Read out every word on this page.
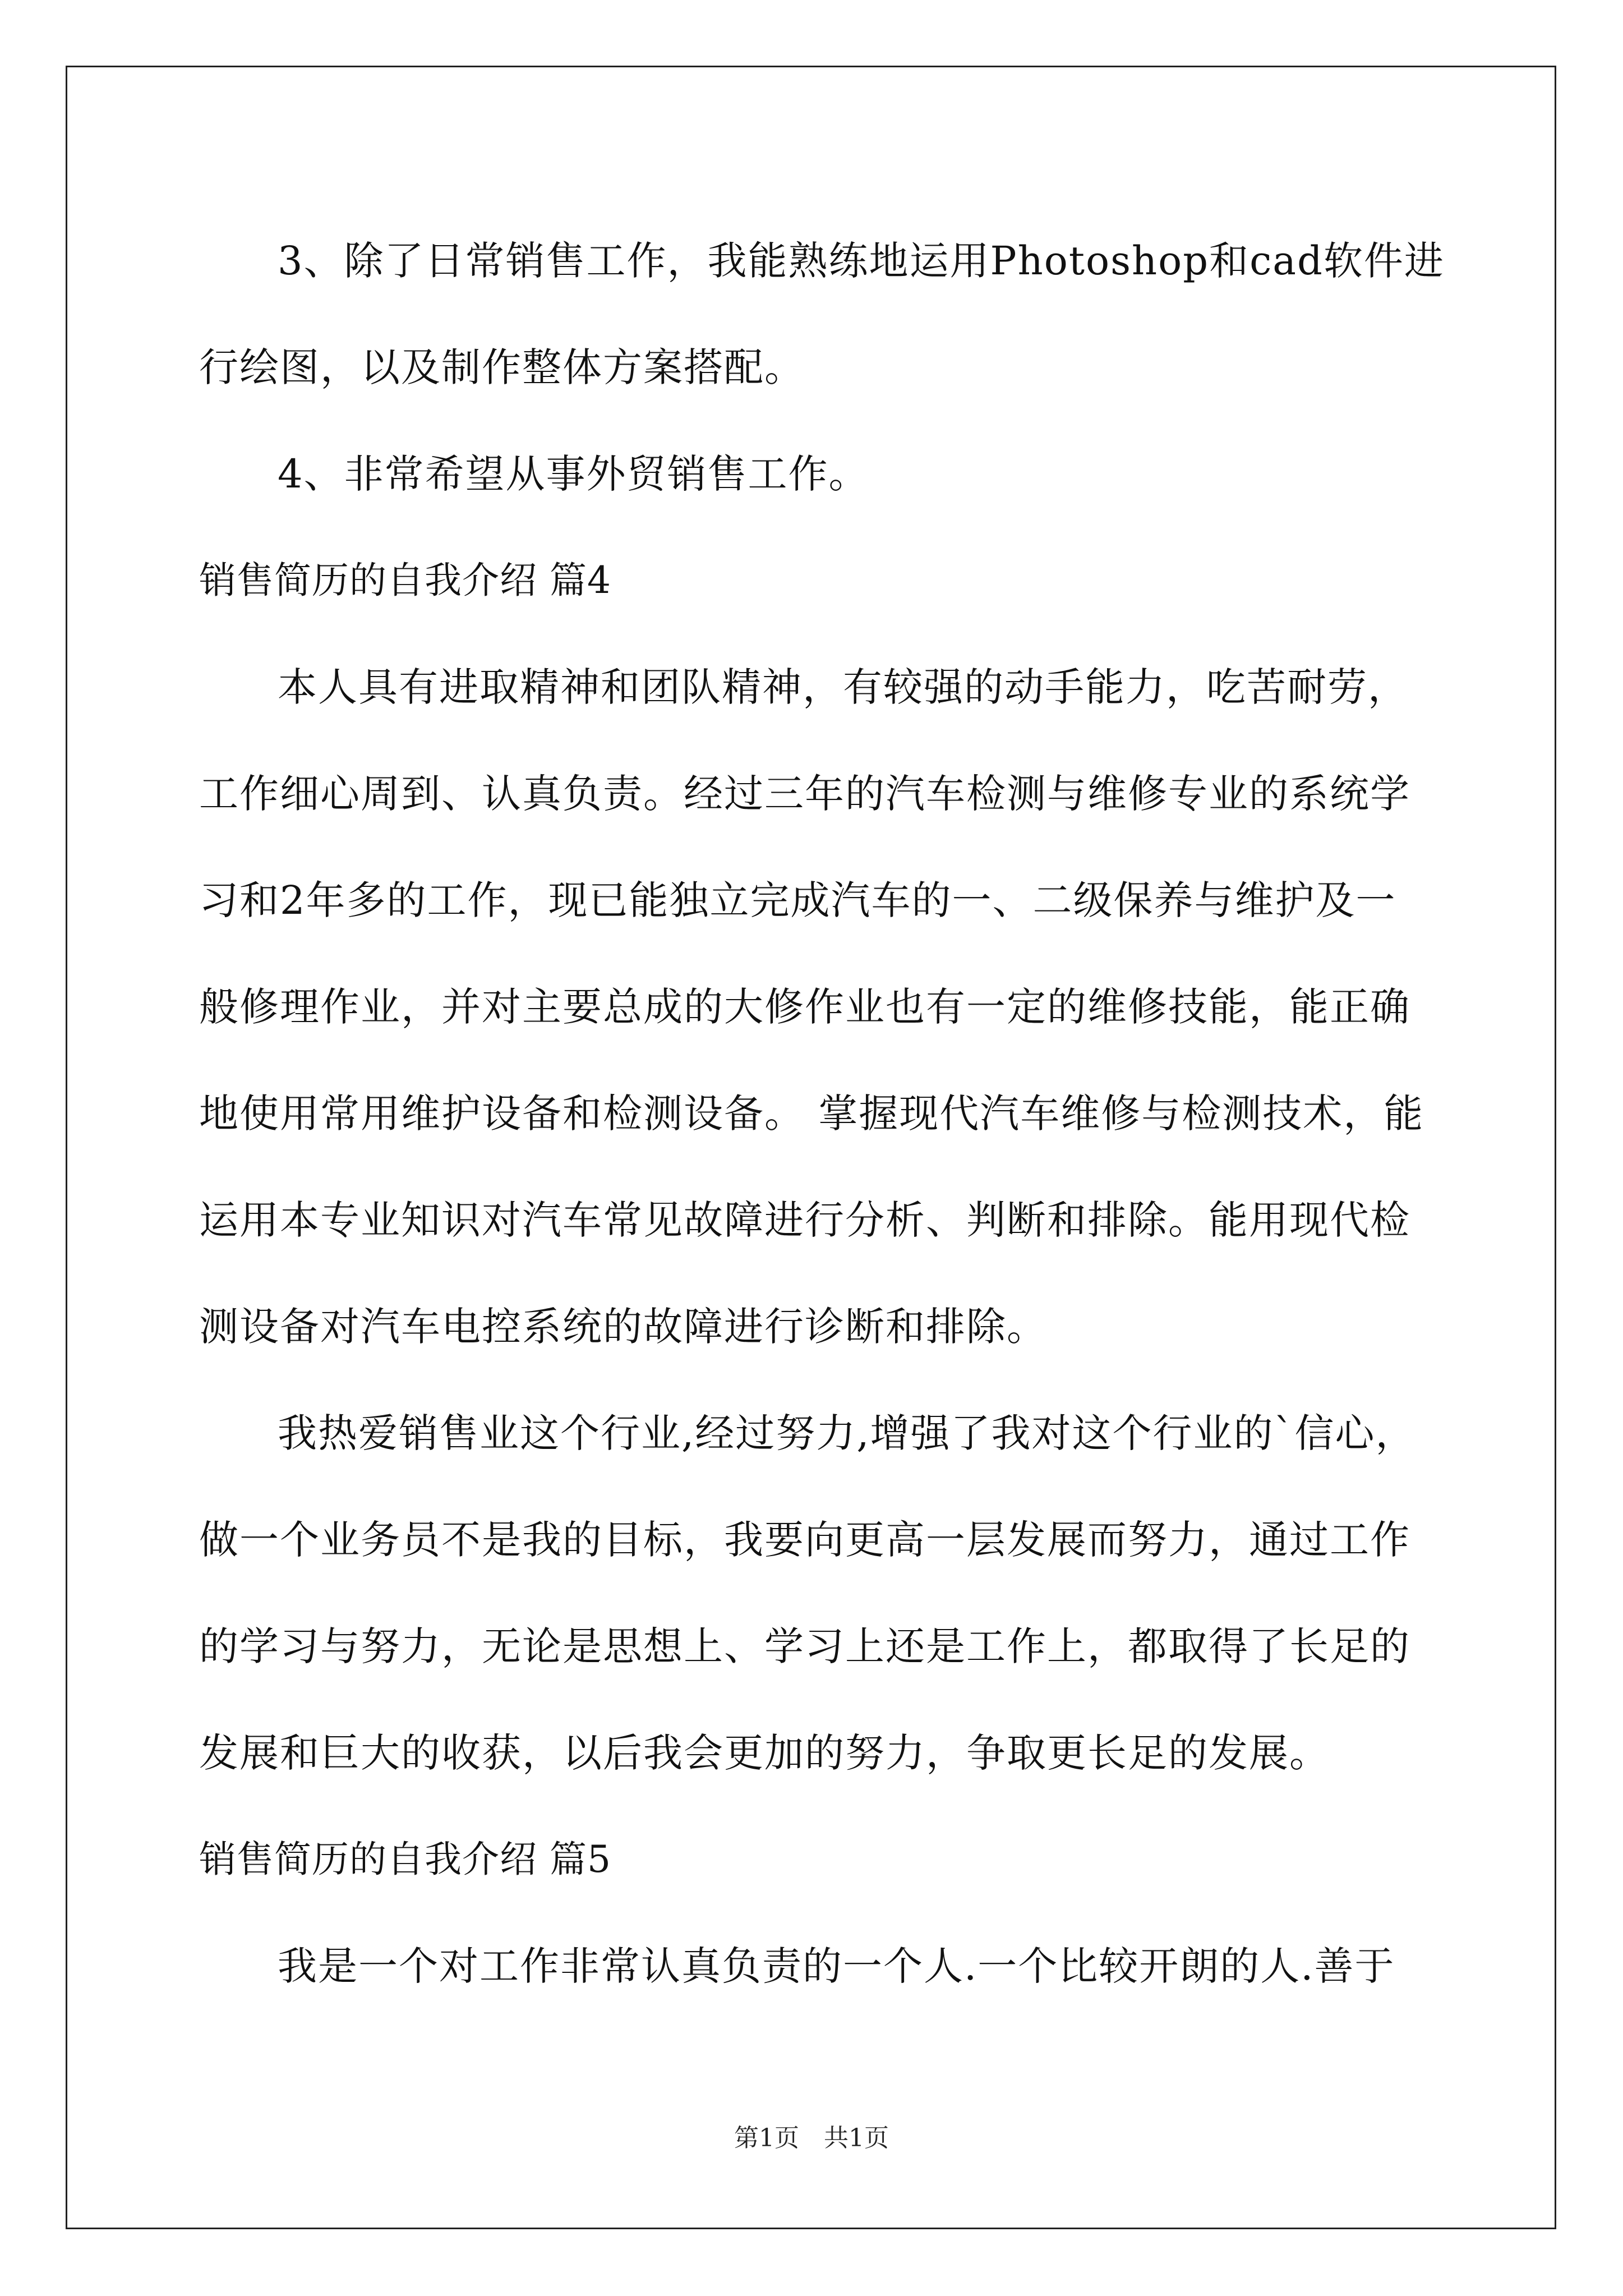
3、除了日常销售工作，我能熟练地运用Photoshop和cad软件进

行绘图，以及制作整体方案搭配。

4、非常希望从事外贸销售工作。

销售简历的自我介绍 篇4

本人具有进取精神和团队精神，有较强的动手能力，吃苦耐劳，

工作细心周到、认真负责。经过三年的汽车检测与维修专业的系统学

习和2年多的工作，现已能独立完成汽车的一、二级保养与维护及一

般修理作业，并对主要总成的大修作业也有一定的维修技能，能正确

地使用常用维护设备和检测设备。 掌握现代汽车维修与检测技术，能

运用本专业知识对汽车常见故障进行分析、判断和排除。能用现代检

测设备对汽车电控系统的故障进行诊断和排除。

我热爱销售业这个行业,经过努力,增强了我对这个行业的`信心，

做一个业务员不是我的目标，我要向更高一层发展而努力，通过工作

的学习与努力，无论是思想上、学习上还是工作上，都取得了长足的

发展和巨大的收获，以后我会更加的努力，争取更长足的发展。

销售简历的自我介绍 篇5

我是一个对工作非常认真负责的一个人.一个比较开朗的人.善于

第1页　共1页
